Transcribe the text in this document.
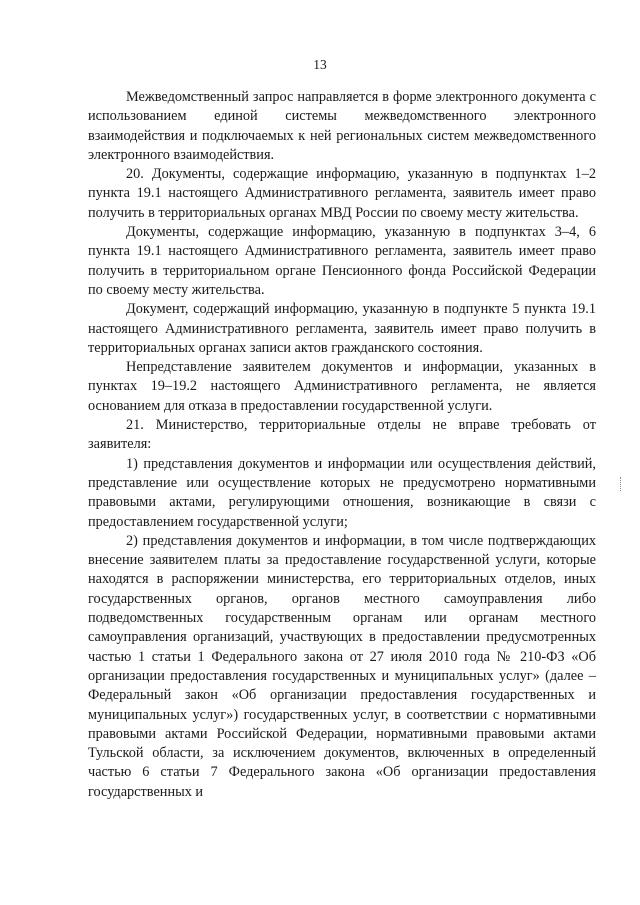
13

Межведомственный запрос направляется в форме электронного документа с использованием единой системы межведомственного электронного взаимодействия и подключаемых к ней региональных систем межведомственного электронного взаимодействия.

20. Документы, содержащие информацию, указанную в подпунктах 1–2 пункта 19.1 настоящего Административного регламента, заявитель имеет право получить в территориальных органах МВД России по своему месту жительства.

Документы, содержащие информацию, указанную в подпунктах 3–4, 6 пункта 19.1 настоящего Административного регламента, заявитель имеет право получить в территориальном органе Пенсионного фонда Российской Федерации по своему месту жительства.

Документ, содержащий информацию, указанную в подпункте 5 пункта 19.1 настоящего Административного регламента, заявитель имеет право получить в территориальных органах записи актов гражданского состояния.

Непредставление заявителем документов и информации, указанных в пунктах 19–19.2 настоящего Административного регламента, не является основанием для отказа в предоставлении государственной услуги.

21. Министерство, территориальные отделы не вправе требовать от заявителя:

1) представления документов и информации или осуществления действий, представление или осуществление которых не предусмотрено нормативными правовыми актами, регулирующими отношения, возникающие в связи с предоставлением государственной услуги;

2) представления документов и информации, в том числе подтверждающих внесение заявителем платы за предоставление государственной услуги, которые находятся в распоряжении министерства, его территориальных отделов, иных государственных органов, органов местного самоуправления либо подведомственных государственным органам или органам местного самоуправления организаций, участвующих в предоставлении предусмотренных частью 1 статьи 1 Федерального закона от 27 июля 2010 года № 210-ФЗ «Об организации предоставления государственных и муниципальных услуг» (далее – Федеральный закон «Об организации предоставления государственных и муниципальных услуг») государственных услуг, в соответствии с нормативными правовыми актами Российской Федерации, нормативными правовыми актами Тульской области, за исключением документов, включенных в определенный частью 6 статьи 7 Федерального закона «Об организации предоставления государственных и
